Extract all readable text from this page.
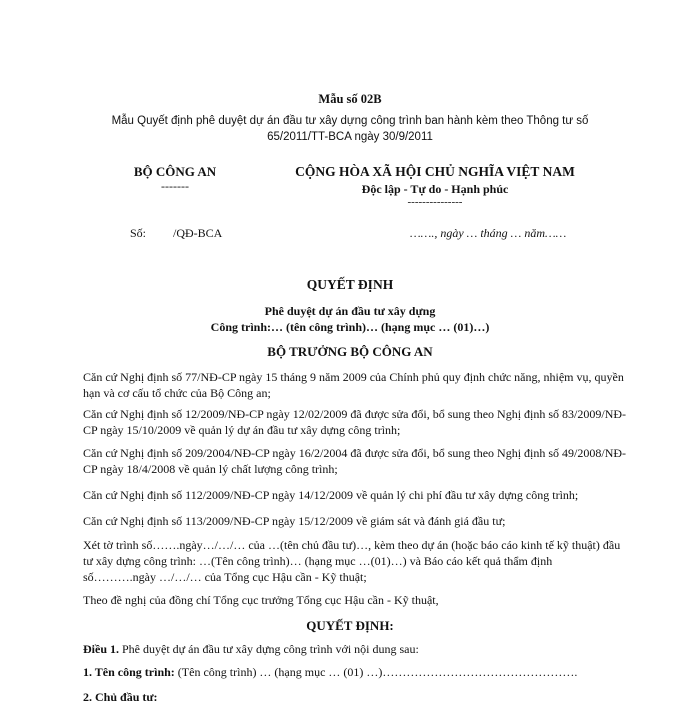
Mẫu số 02B
Mẫu Quyết định phê duyệt dự án đầu tư xây dựng công trình ban hành kèm theo Thông tư số 65/2011/TT-BCA ngày 30/9/2011
BỘ CÔNG AN
-------
CỘNG HÒA XÃ HỘI CHỦ NGHĨA VIỆT NAM
Độc lập - Tự do - Hạnh phúc
---------------
Số: /QĐ-BCA	……., ngày … tháng … năm……
QUYẾT ĐỊNH
Phê duyệt dự án đầu tư xây dựng
Công trình:… (tên công trình)… (hạng mục … (01)…)
BỘ TRƯỞNG BỘ CÔNG AN
Căn cứ Nghị định số 77/NĐ-CP ngày 15 tháng 9 năm 2009 của Chính phủ quy định chức năng, nhiệm vụ, quyền hạn và cơ cấu tổ chức của Bộ Công an;
Căn cứ Nghị định số 12/2009/NĐ-CP ngày 12/02/2009 đã được sửa đổi, bổ sung theo Nghị định số 83/2009/NĐ-CP ngày 15/10/2009 về quản lý dự án đầu tư xây dựng công trình;
Căn cứ Nghị định số 209/2004/NĐ-CP ngày 16/2/2004 đã được sửa đổi, bổ sung theo Nghị định số 49/2008/NĐ-CP ngày 18/4/2008 về quản lý chất lượng công trình;
Căn cứ Nghị định số 112/2009/NĐ-CP ngày 14/12/2009 về quản lý chi phí đầu tư xây dựng công trình;
Căn cứ Nghị định số 113/2009/NĐ-CP ngày 15/12/2009 về giám sát và đánh giá đầu tư;
Xét tờ trình số…….ngày…/…/… của …(tên chủ đầu tư)…, kèm theo dự án (hoặc báo cáo kinh tế kỹ thuật) đầu tư xây dựng công trình: …(Tên công trình)… (hạng mục …(01)…) và Báo cáo kết quả thẩm định số……….ngày …/…/… của Tổng cục Hậu cần - Kỹ thuật;
Theo đề nghị của đồng chí Tổng cục trưởng Tổng cục Hậu cần - Kỹ thuật,
QUYẾT ĐỊNH:
Điều 1. Phê duyệt dự án đầu tư xây dựng công trình với nội dung sau:
1. Tên công trình: (Tên công trình) … (hạng mục … (01) …)………………………………………….
2. Chủ đầu tư:
